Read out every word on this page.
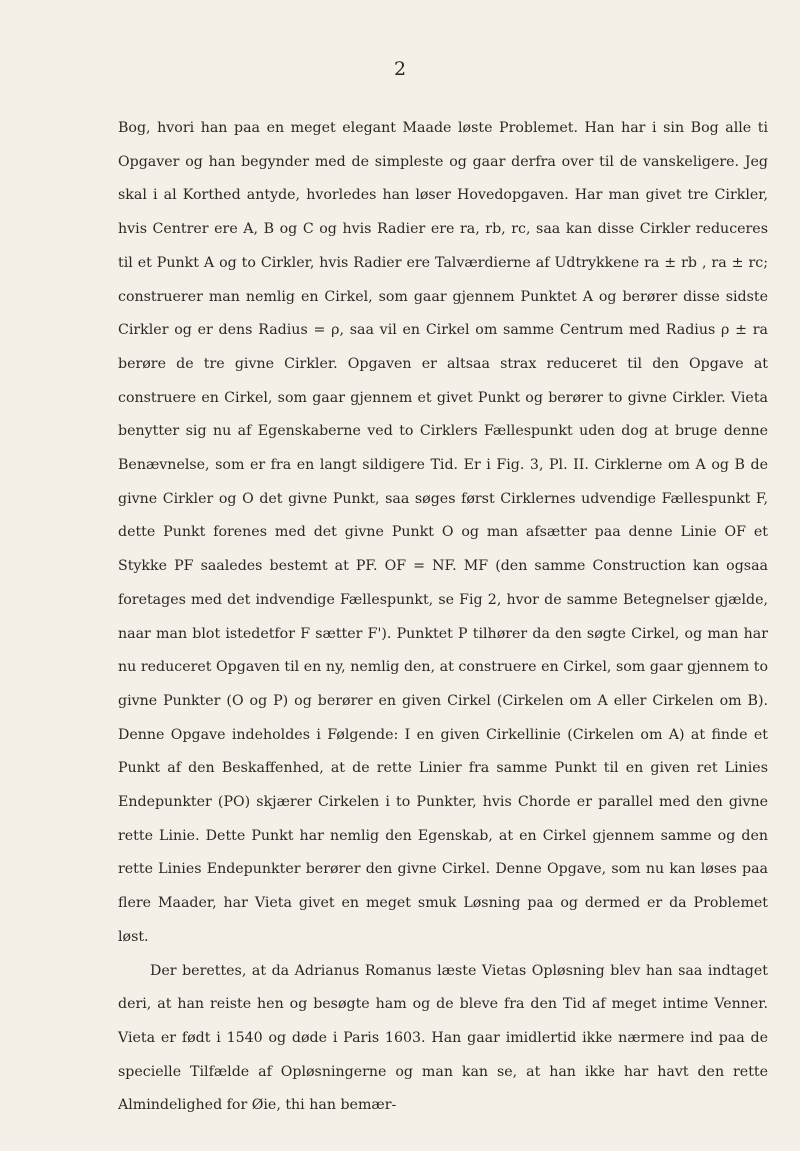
2

Bog, hvori han paa en meget elegant Maade løste Problemet. Han har i sin Bog alle ti Opgaver og han begynder med de simpleste og gaar derfra over til de vanskeligere. Jeg skal i al Korthed antyde, hvorledes han løser Hovedopgaven. Har man givet tre Cirkler, hvis Centrer ere A, B og C og hvis Radier ere ra, rb, rc, saa kan disse Cirkler reduceres til et Punkt A og to Cirkler, hvis Radier ere Talværdierne af Udtrykkene ra ± rb , ra ± rc; construerer man nemlig en Cirkel, som gaar gjennem Punktet A og berører disse sidste Cirkler og er dens Radius = ρ, saa vil en Cirkel om samme Centrum med Radius ρ ± ra berøre de tre givne Cirkler. Opgaven er altsaa strax reduceret til den Opgave at construere en Cirkel, som gaar gjennem et givet Punkt og berører to givne Cirkler. Vieta benytter sig nu af Egenskaberne ved to Cirklers Fællespunkt uden dog at bruge denne Benævnelse, som er fra en langt sildigere Tid. Er i Fig. 3, Pl. II. Cirklerne om A og B de givne Cirkler og O det givne Punkt, saa søges først Cirklernes udvendige Fællespunkt F, dette Punkt forenes med det givne Punkt O og man afsætter paa denne Linie OF et Stykke PF saaledes bestemt at PF. OF = NF. MF (den samme Construction kan ogsaa foretages med det indvendige Fællespunkt, se Fig 2, hvor de samme Betegnelser gjælde, naar man blot istedetfor F sætter F'). Punktet P tilhører da den søgte Cirkel, og man har nu reduceret Opgaven til en ny, nemlig den, at construere en Cirkel, som gaar gjennem to givne Punkter (O og P) og berører en given Cirkel (Cirkelen om A eller Cirkelen om B). Denne Opgave indeholdes i Følgende: I en given Cirkellinie (Cirkelen om A) at finde et Punkt af den Beskaffenhed, at de rette Linier fra samme Punkt til en given ret Linies Endepunkter (PO) skjærer Cirkelen i to Punkter, hvis Chorde er parallel med den givne rette Linie. Dette Punkt har nemlig den Egenskab, at en Cirkel gjennem samme og den rette Linies Endepunkter berører den givne Cirkel. Denne Opgave, som nu kan løses paa flere Maader, har Vieta givet en meget smuk Løsning paa og dermed er da Problemet løst.

Der berettes, at da Adrianus Romanus læste Vietas Opløsning blev han saa indtaget deri, at han reiste hen og besøgte ham og de bleve fra den Tid af meget intime Venner. Vieta er født i 1540 og døde i Paris 1603. Han gaar imidlertid ikke nærmere ind paa de specielle Tilfælde af Opløsningerne og man kan se, at han ikke har havt den rette Almindelighed for Øie, thi han bemær-
